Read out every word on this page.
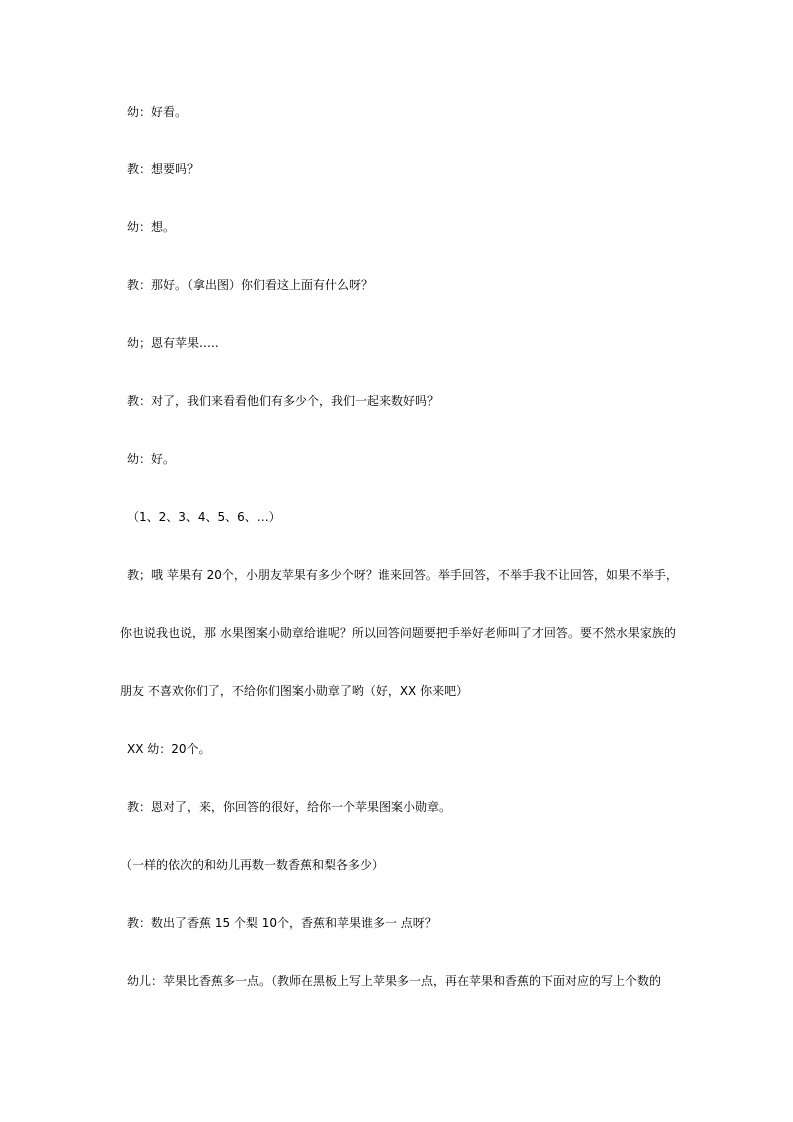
幼：好看。
教：想要吗？
幼：想。
教：那好。（拿出图）你们看这上面有什么呀？
幼；恩有苹果.….
教：对了，我们来看看他们有多少个，我们一起来数好吗？
幼：好。
（1、2、3、4、5、6、…）
教；哦 苹果有 20个，小朋友苹果有多少个呀？谁来回答。举手回答，不举手我不让回答，如果不举手，
你也说我也说，那 水果图案小勋章给谁呢？所以回答问题要把手举好老师叫了才回答。要不然水果家族的
朋友 不喜欢你们了，不给你们图案小勋章了哟（好，XX 你来吧）
XX 幼：20个。
教：恩对了，来，你回答的很好，给你一个苹果图案小勋章。
（一样的依次的和幼儿再数一数香蕉和梨各多少）
教：数出了香蕉 15 个梨 10个，香蕉和苹果谁多一 点呀？
幼儿：苹果比香蕉多一点。（教师在黑板上写上苹果多一点，再在苹果和香蕉的下面对应的写上个数的
